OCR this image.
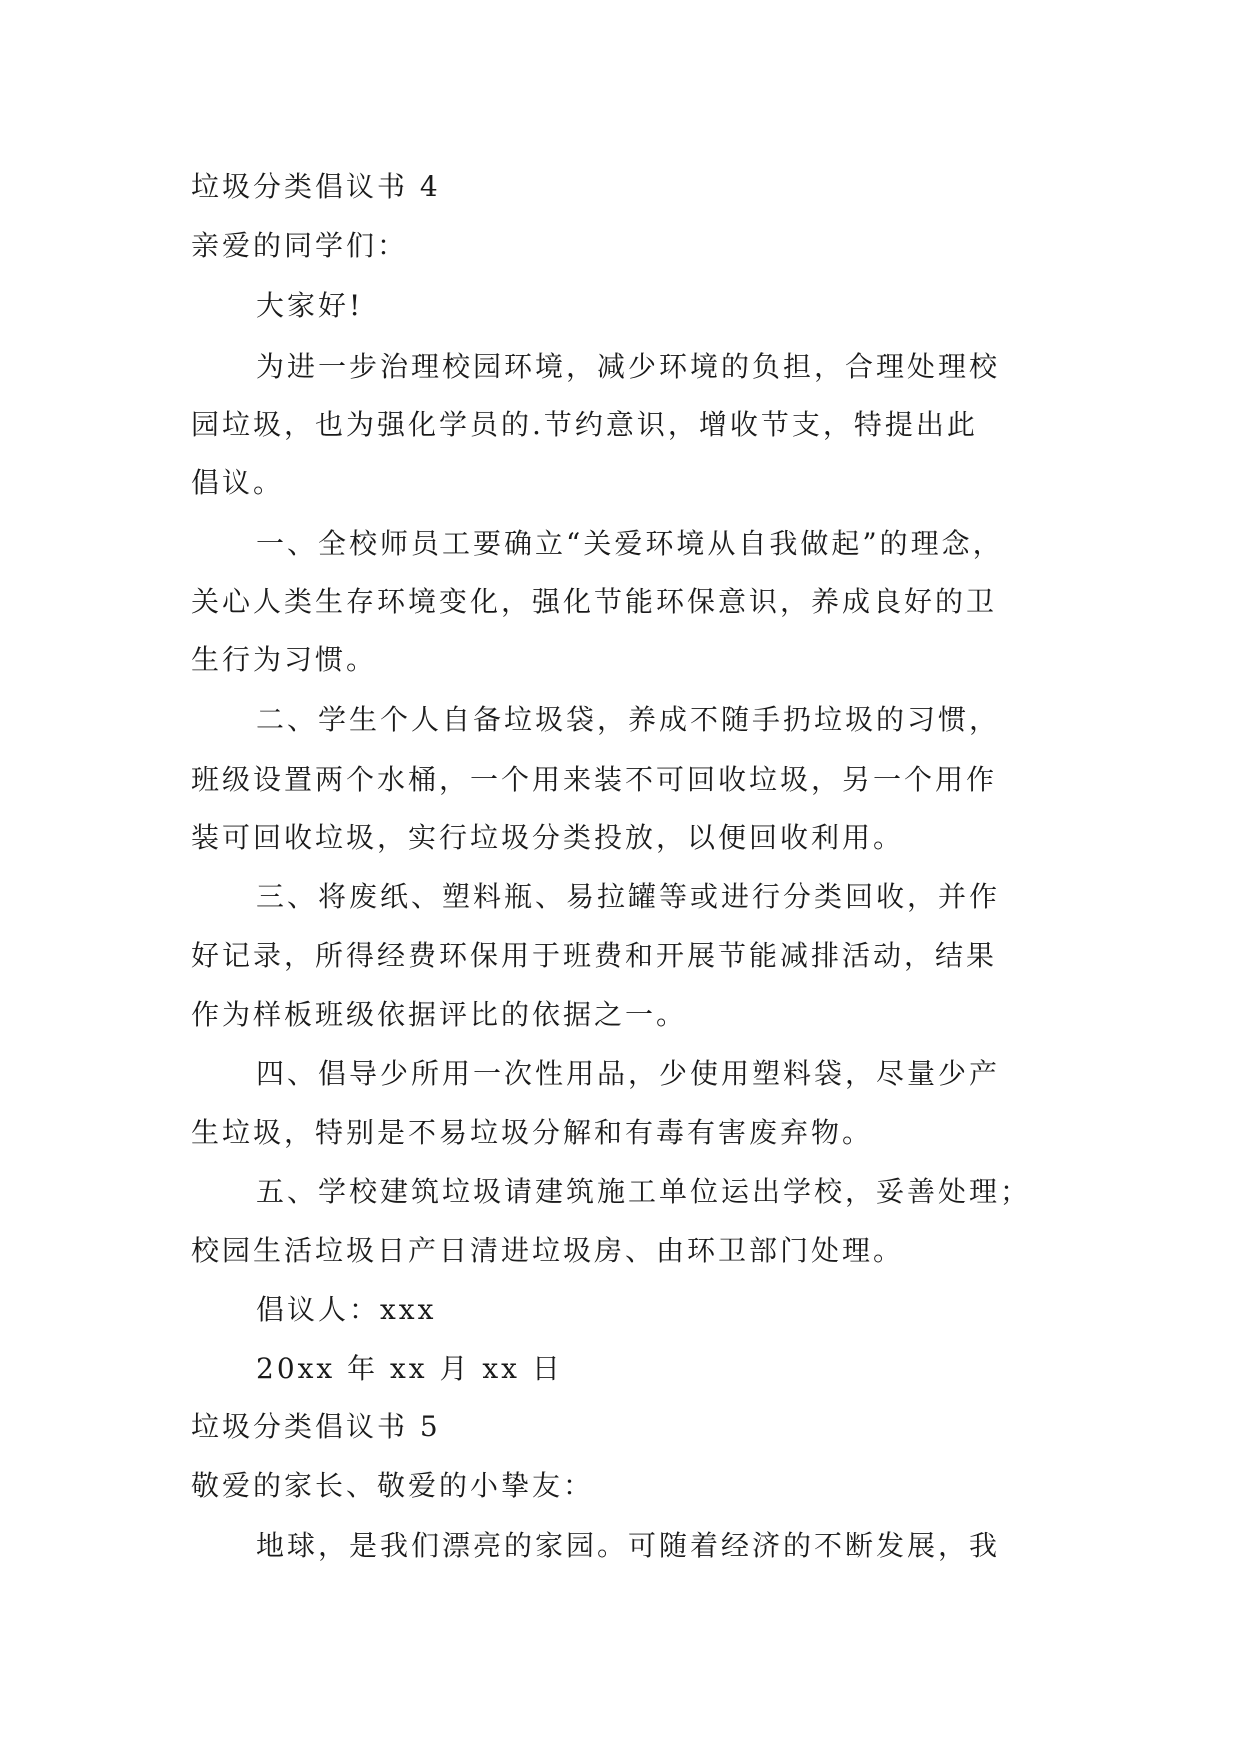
垃圾分类倡议书 4
亲爱的同学们：
大家好!
为进一步治理校园环境，减少环境的负担，合理处理校
园垃圾，也为强化学员的.节约意识，增收节支，特提出此
倡议。
一、全校师员工要确立“关爱环境从自我做起”的理念，
关心人类生存环境变化，强化节能环保意识，养成良好的卫
生行为习惯。
二、学生个人自备垃圾袋，养成不随手扔垃圾的习惯，
班级设置两个水桶，一个用来装不可回收垃圾，另一个用作
装可回收垃圾，实行垃圾分类投放，以便回收利用。
三、将废纸、塑料瓶、易拉罐等或进行分类回收，并作
好记录，所得经费环保用于班费和开展节能减排活动，结果
作为样板班级依据评比的依据之一。
四、倡导少所用一次性用品，少使用塑料袋，尽量少产
生垃圾，特别是不易垃圾分解和有毒有害废弃物。
五、学校建筑垃圾请建筑施工单位运出学校，妥善处理；
校园生活垃圾日产日清进垃圾房、由环卫部门处理。
倡议人：xxx
20xx 年 xx 月 xx 日
垃圾分类倡议书 5
敬爱的家长、敬爱的小挚友：
地球，是我们漂亮的家园。可随着经济的不断发展，我
